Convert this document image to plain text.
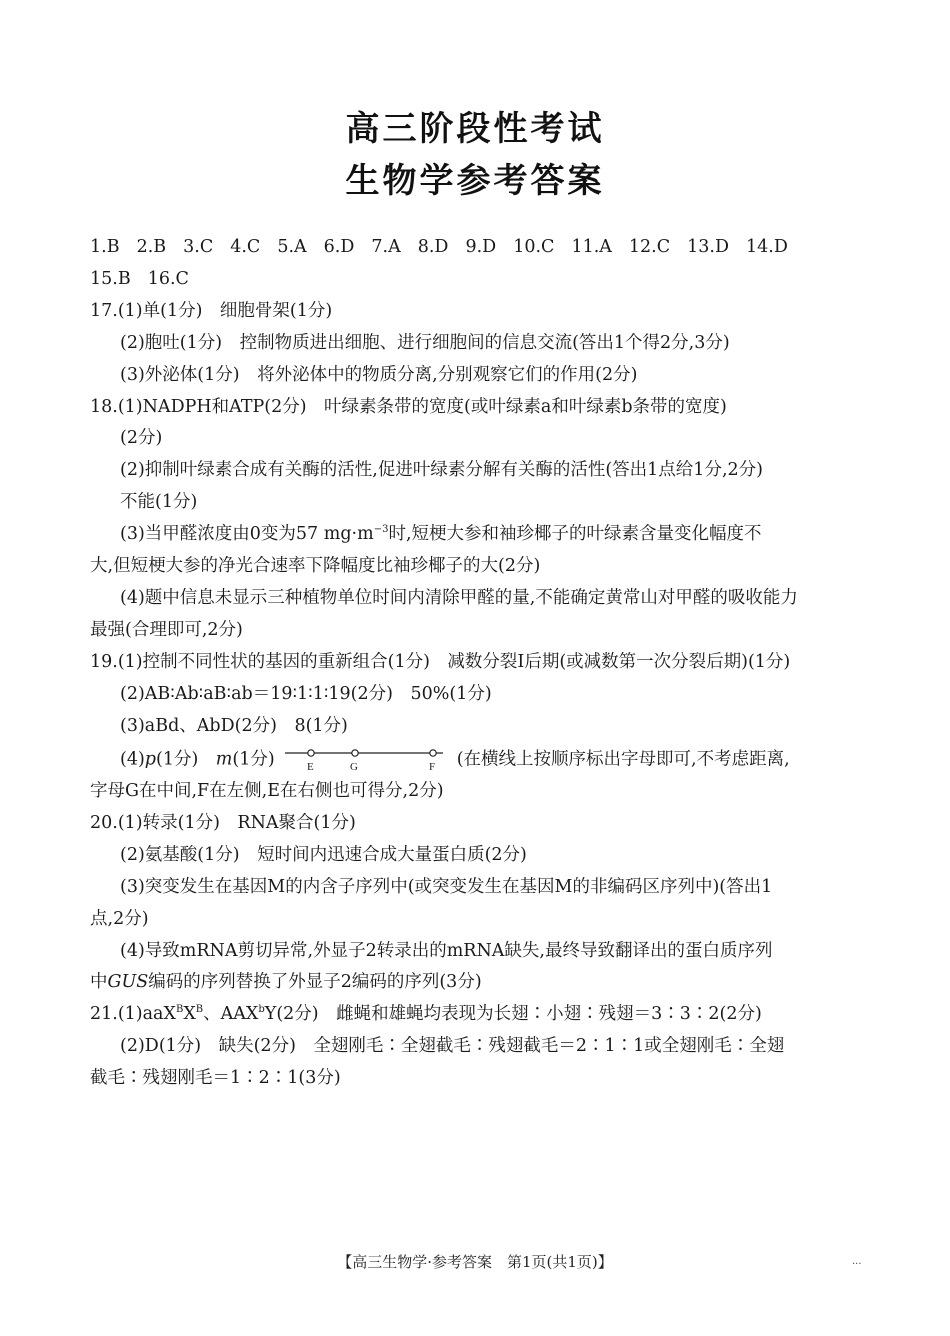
高三阶段性考试
生物学参考答案
1.B 2.B 3.C 4.C 5.A 6.D 7.A 8.D 9.D 10.C 11.A 12.C 13.D 14.D
15.B 16.C
17.(1)单(1分)　细胞骨架(1分)
(2)胞吐(1分)　控制物质进出细胞、进行细胞间的信息交流(答出1个得2分,3分)
(3)外泌体(1分)　将外泌体中的物质分离,分别观察它们的作用(2分)
18.(1)NADPH和ATP(2分)　叶绿素条带的宽度(或叶绿素a和叶绿素b条带的宽度)
(2分)
(2)抑制叶绿素合成有关酶的活性,促进叶绿素分解有关酶的活性(答出1点给1分,2分)
不能(1分)
(3)当甲醛浓度由0变为57 $mg\cdot m^{-3}$时,短梗大参和袖珍椰子的叶绿素含量变化幅度不
大,但短梗大参的净光合速率下降幅度比袖珍椰子的大(2分)
(4)题中信息未显示三种植物单位时间内清除甲醛的量,不能确定黄常山对甲醛的吸收能力
最强(合理即可,2分)
19.(1)控制不同性状的基因的重新组合(1分)　减数分裂I后期(或减数第一次分裂后期)(1分)
(2)AB∶Ab∶aB∶ab＝19∶1∶1∶19(2分)　50%(1分)
(3)aBd、AbD(2分)　8(1分)
(4)p(1分)　m(1分)	E	G	F (在横线上按顺序标出字母即可,不考虑距离,
字母G在中间,F在左侧,E在右侧也可得分,2分)
20.(1)转录(1分)　RNA聚合(1分)
(2)氨基酸(1分)　短时间内迅速合成大量蛋白质(2分)
(3)突变发生在基因M的内含子序列中(或突变发生在基因M的非编码区序列中)(答出1
点,2分)
(4)导致mRNA剪切异常,外显子2转录出的mRNA缺失,最终导致翻译出的蛋白质序列
中GUS编码的序列替换了外显子2编码的序列(3分)
$21.(1)aaX^BX^B$、AAX$^b$Y(2分)　雌蝇和雄蝇均表现为长翅∶小翅∶残翅＝3∶3∶2(2分)
(2)D(1分)　缺失(2分)　全翅刚毛∶全翅截毛∶残翅截毛＝2∶1∶1或全翅刚毛∶全翅
截毛∶残翅刚毛＝1∶2∶1(3分)
【高三生物学·参考答案　第1页(共1页)】	...
